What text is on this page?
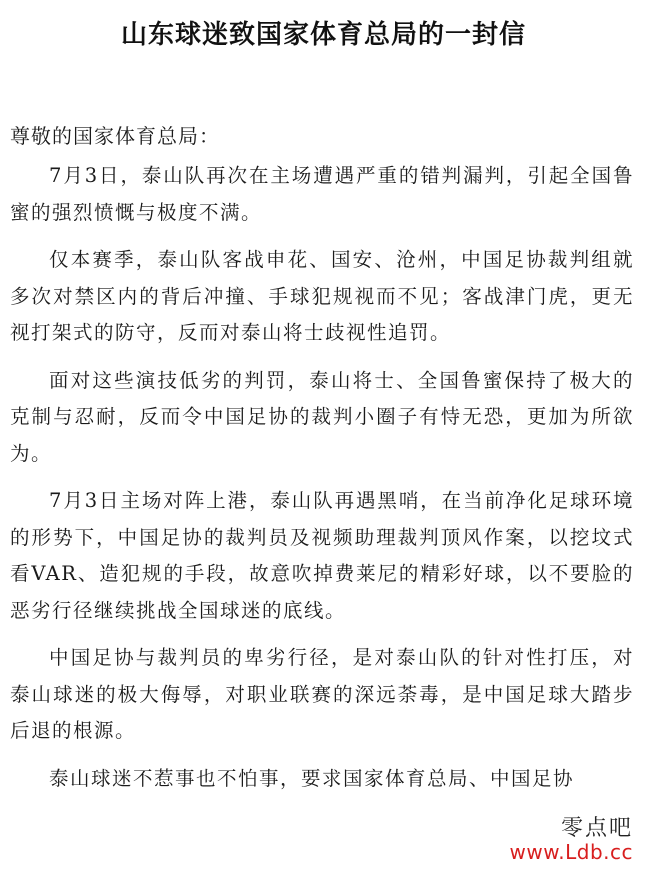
山东球迷致国家体育总局的一封信
尊敬的国家体育总局：

7月3日，泰山队再次在主场遭遇严重的错判漏判，引起全国鲁蜜的强烈愤慨与极度不满。

仅本赛季，泰山队客战申花、国安、沧州，中国足协裁判组就多次对禁区内的背后冲撞、手球犯规视而不见；客战津门虎，更无视打架式的防守，反而对泰山将士歧视性追罚。

面对这些演技低劣的判罚，泰山将士、全国鲁蜜保持了极大的克制与忍耐，反而令中国足协的裁判小圈子有恃无恐，更加为所欲为。

7月3日主场对阵上港，泰山队再遇黑哨，在当前净化足球环境的形势下，中国足协的裁判员及视频助理裁判顶风作案，以挖坟式看VAR、造犯规的手段，故意吹掉费莱尼的精彩好球，以不要脸的恶劣行径继续挑战全国球迷的底线。

中国足协与裁判员的卑劣行径，是对泰山队的针对性打压，对泰山球迷的极大侮辱，对职业联赛的深远荼毒，是中国足球大踏步后退的根源。

泰山球迷不惹事也不怕事，要求国家体育总局、中国足协

零点吧
www.Ldb.cc
